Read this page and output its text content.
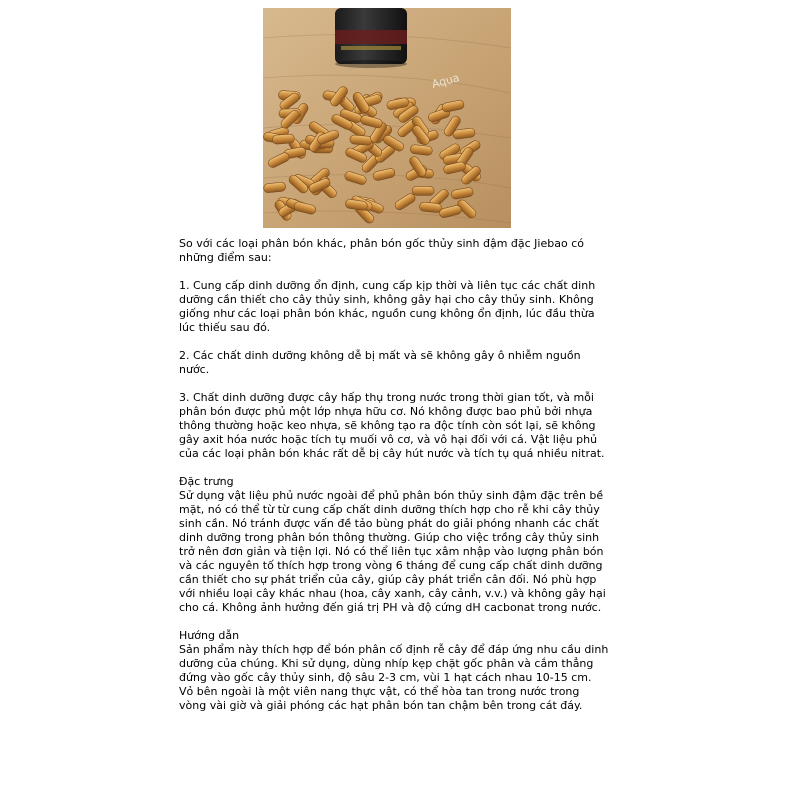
Aqua

So với các loại phân bón khác, phân bón gốc thủy sinh đậm đặc Jiebao có những điểm sau:

1. Cung cấp dinh dưỡng ổn định, cung cấp kịp thời và liên tục các chất dinh dưỡng cần thiết cho cây thủy sinh, không gây hại cho cây thủy sinh. Không giống như các loại phân bón khác, nguồn cung không ổn định, lúc đầu thừa lúc thiếu sau đó.

2. Các chất dinh dưỡng không dễ bị mất và sẽ không gây ô nhiễm nguồn nước.

3. Chất dinh dưỡng được cây hấp thụ trong nước trong thời gian tốt, và mỗi phân bón được phủ một lớp nhựa hữu cơ. Nó không được bao phủ bởi nhựa thông thường hoặc keo nhựa, sẽ không tạo ra độc tính còn sót lại, sẽ không gây axit hóa nước hoặc tích tụ muối vô cơ, và vô hại đối với cá. Vật liệu phủ của các loại phân bón khác rất dễ bị cây hút nước và tích tụ quá nhiều nitrat.

Đặc trưng

Sử dụng vật liệu phủ nước ngoài để phủ phân bón thủy sinh đậm đặc trên bề mặt, nó có thể từ từ cung cấp chất dinh dưỡng thích hợp cho rễ khi cây thủy sinh cần. Nó tránh được vấn đề tảo bùng phát do giải phóng nhanh các chất dinh dưỡng trong phân bón thông thường. Giúp cho việc trồng cây thủy sinh trở nên đơn giản và tiện lợi. Nó có thể liên tục xâm nhập vào lượng phân bón và các nguyên tố thích hợp trong vòng 6 tháng để cung cấp chất dinh dưỡng cần thiết cho sự phát triển của cây, giúp cây phát triển cân đối. Nó phù hợp với nhiều loại cây khác nhau (hoa, cây xanh, cây cảnh, v.v.) và không gây hại cho cá. Không ảnh hưởng đến giá trị PH và độ cứng dH cacbonat trong nước.

Hướng dẫn

Sản phẩm này thích hợp để bón phân cố định rễ cây để đáp ứng nhu cầu dinh dưỡng của chúng. Khi sử dụng, dùng nhíp kẹp chặt gốc phân và cắm thẳng đứng vào gốc cây thủy sinh, độ sâu 2-3 cm, vùi 1 hạt cách nhau 10-15 cm. Vỏ bên ngoài là một viên nang thực vật, có thể hòa tan trong nước trong vòng vài giờ và giải phóng các hạt phân bón tan chậm bên trong cát đáy.
